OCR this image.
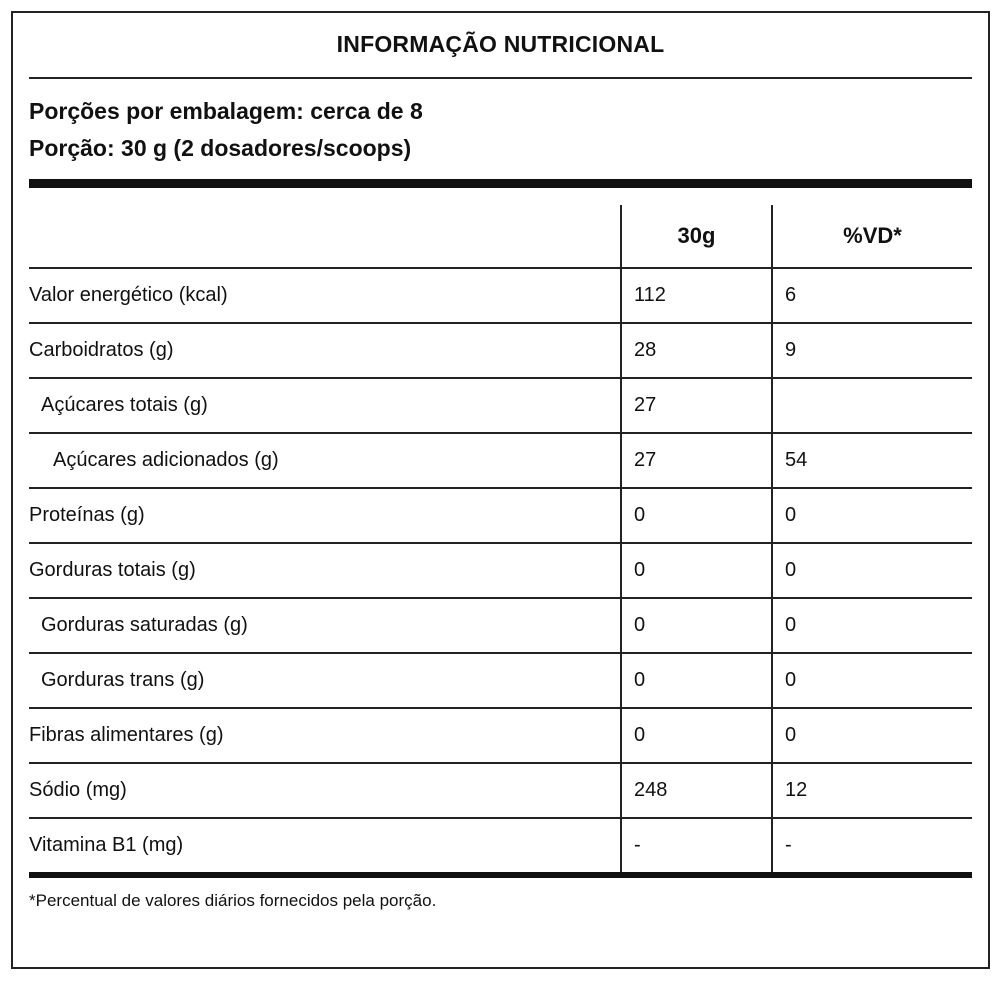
INFORMAÇÃO NUTRICIONAL
Porções por embalagem: cerca de 8
Porção: 30 g (2 dosadores/scoops)
	30g	%VD*
Valor energético (kcal)	112	6
Carboidratos (g)	28	9
Açúcares totais (g)	27	
Açúcares adicionados (g)	27	54
Proteínas (g)	0	0
Gorduras totais (g)	0	0
Gorduras saturadas (g)	0	0
Gorduras trans (g)	0	0
Fibras alimentares (g)	0	0
Sódio (mg)	248	12
Vitamina B1 (mg)	-	-
*Percentual de valores diários fornecidos pela porção.
